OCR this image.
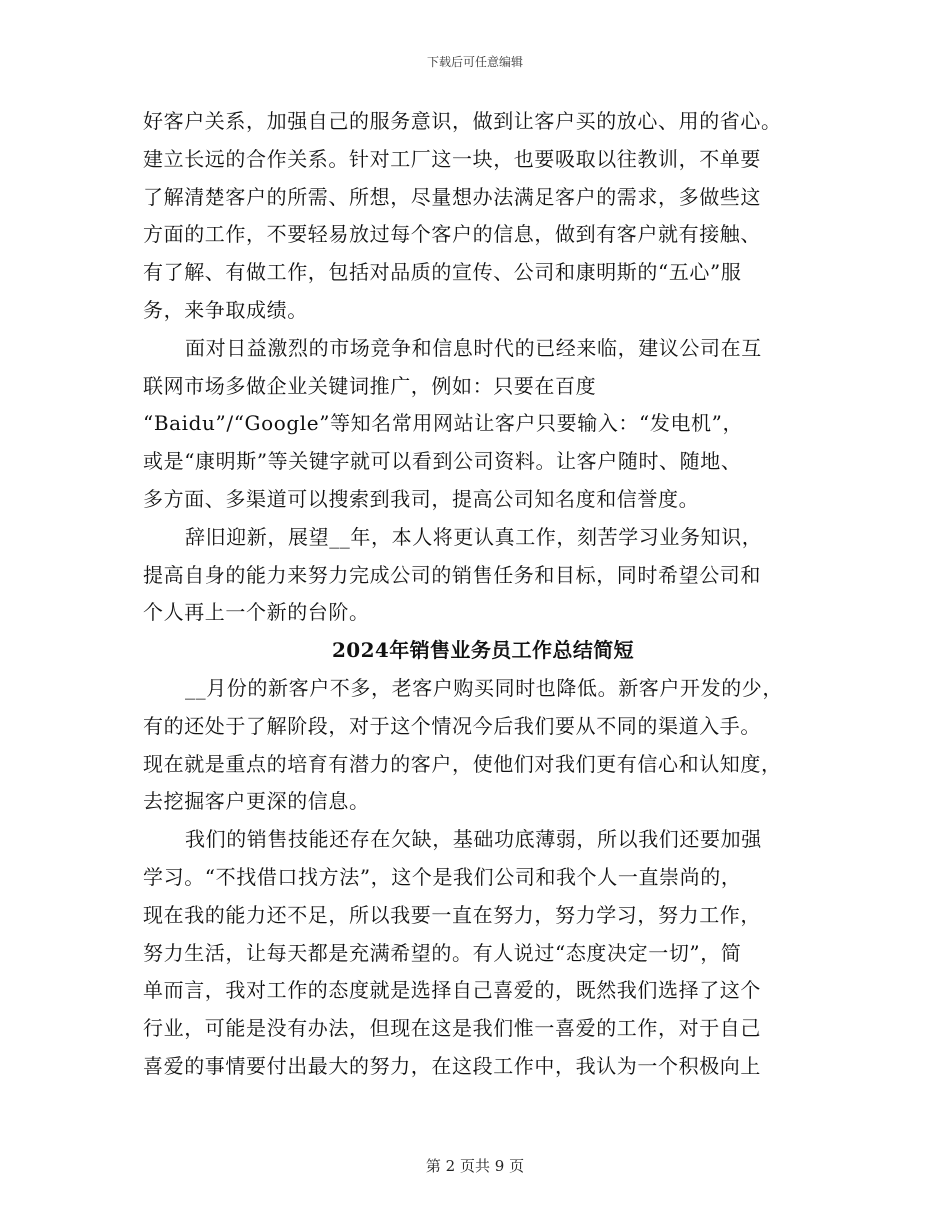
下载后可任意编辑
好客户关系，加强自己的服务意识，做到让客户买的放心、用的省心。
建立长远的合作关系。针对工厂这一块，也要吸取以往教训，不单要
了解清楚客户的所需、所想，尽量想办法满足客户的需求，多做些这
方面的工作，不要轻易放过每个客户的信息，做到有客户就有接触、
有了解、有做工作，包括对品质的宣传、公司和康明斯的“五心”服
务，来争取成绩。
面对日益激烈的市场竞争和信息时代的已经来临，建议公司在互
联网市场多做企业关键词推广，例如：只要在百度
“Baidu”/“Google”等知名常用网站让客户只要输入：“发电机”，
或是“康明斯”等关键字就可以看到公司资料。让客户随时、随地、
多方面、多渠道可以搜索到我司，提高公司知名度和信誉度。
辞旧迎新，展望__年，本人将更认真工作，刻苦学习业务知识，
提高自身的能力来努力完成公司的销售任务和目标，同时希望公司和
个人再上一个新的台阶。
2024年销售业务员工作总结简短
__月份的新客户不多，老客户购买同时也降低。新客户开发的少，
有的还处于了解阶段，对于这个情况今后我们要从不同的渠道入手。
现在就是重点的培育有潜力的客户，使他们对我们更有信心和认知度，
去挖掘客户更深的信息。
我们的销售技能还存在欠缺，基础功底薄弱，所以我们还要加强
学习。“不找借口找方法”，这个是我们公司和我个人一直崇尚的，
现在我的能力还不足，所以我要一直在努力，努力学习，努力工作，
努力生活，让每天都是充满希望的。有人说过“态度决定一切”，简
单而言，我对工作的态度就是选择自己喜爱的，既然我们选择了这个
行业，可能是没有办法，但现在这是我们惟一喜爱的工作，对于自己
喜爱的事情要付出最大的努力，在这段工作中，我认为一个积极向上
第 2 页共 9 页
